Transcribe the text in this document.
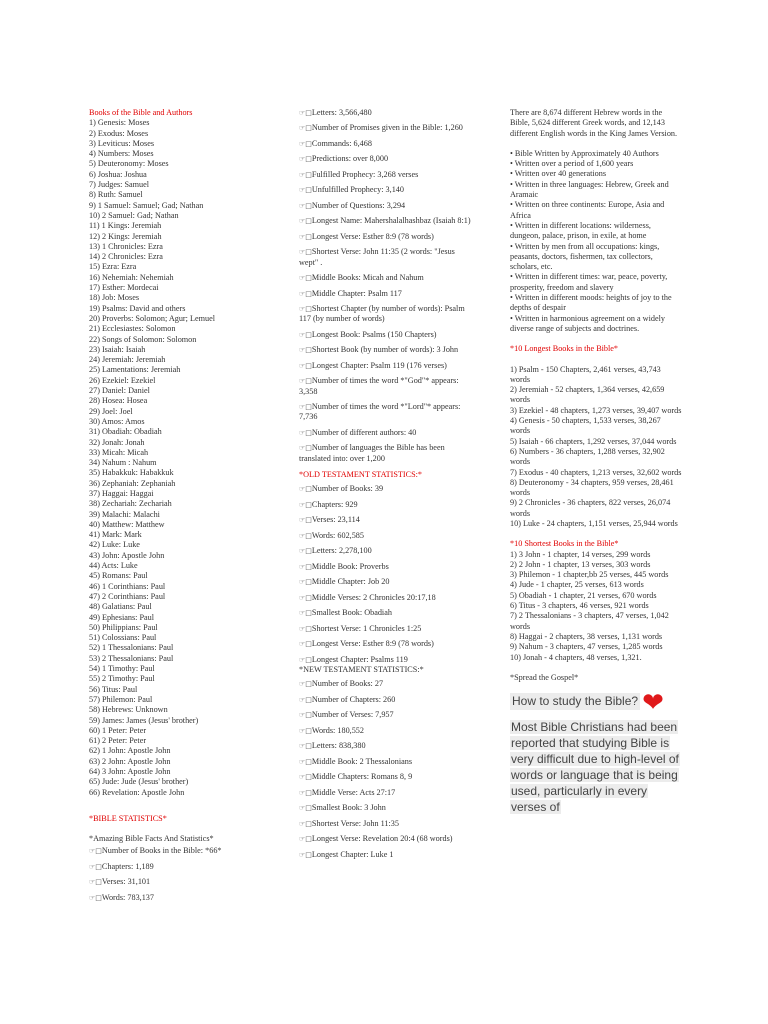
Books of the Bible and Authors
1) Genesis: Moses
2) Exodus: Moses
3) Leviticus: Moses
4) Numbers: Moses
5) Deuteronomy: Moses
6) Joshua: Joshua
7) Judges: Samuel
8) Ruth: Samuel
9) 1 Samuel: Samuel; Gad; Nathan
10) 2 Samuel: Gad; Nathan
11) 1 Kings: Jeremiah
12) 2 Kings: Jeremiah
13) 1 Chronicles: Ezra
14) 2 Chronicles: Ezra
15) Ezra: Ezra
16) Nehemiah: Nehemiah
17) Esther: Mordecai
18) Job: Moses
19) Psalms: David and others
20) Proverbs: Solomon; Agur; Lemuel
21) Ecclesiastes: Solomon
22) Songs of Solomon: Solomon
23) Isaiah: Isaiah
24) Jeremiah: Jeremiah
25) Lamentations: Jeremiah
26) Ezekiel: Ezekiel
27) Daniel: Daniel
28) Hosea: Hosea
29) Joel: Joel
30) Amos: Amos
31) Obadiah: Obadiah
32) Jonah: Jonah
33) Micah: Micah
34) Nahum : Nahum
35) Habakkuk: Habakkuk
36) Zephaniah: Zephaniah
37) Haggai: Haggai
38) Zechariah: Zechariah
39) Malachi: Malachi
40) Matthew: Matthew
41) Mark: Mark
42) Luke: Luke
43) John: Apostle John
44) Acts: Luke
45) Romans: Paul
46) 1 Corinthians: Paul
47) 2 Corinthians: Paul
48) Galatians: Paul
49) Ephesians: Paul
50) Philippians: Paul
51) Colossians: Paul
52) 1 Thessalonians: Paul
53) 2 Thessalonians: Paul
54) 1 Timothy: Paul
55) 2 Timothy: Paul
56) Titus: Paul
57) Philemon: Paul
58) Hebrews: Unknown
59) James: James (Jesus' brother)
60) 1 Peter: Peter
61) 2 Peter: Peter
62) 1 John: Apostle John
63) 2 John: Apostle John
64) 3 John: Apostle John
65) Jude: Jude (Jesus' brother)
66) Revelation: Apostle John
*BIBLE STATISTICS*
*Amazing Bible Facts And Statistics*
☞□Number of Books in the Bible: *66*
☞□Chapters: 1,189
☞□Verses: 31,101
☞□Words: 783,137
☞□Letters: 3,566,480
☞□Number of Promises given in the Bible: 1,260
☞□Commands: 6,468
☞□Predictions: over 8,000
☞□Fulfilled Prophecy: 3,268 verses
☞□Unfulfilled Prophecy: 3,140
☞□Number of Questions: 3,294
☞□Longest Name: Mahershalalhashbaz (Isaiah 8:1)
☞□Longest Verse: Esther 8:9 (78 words)
☞□Shortest Verse: John 11:35 (2 words: "Jesus wept" .
☞□Middle Books: Micah and Nahum
☞□Middle Chapter: Psalm 117
☞□Shortest Chapter (by number of words): Psalm 117 (by number of words)
☞□Longest Book: Psalms (150 Chapters)
☞□Shortest Book (by number of words): 3 John
☞□Longest Chapter: Psalm 119 (176 verses)
☞□Number of times the word *"God"* appears: 3,358
☞□Number of times the word *"Lord"* appears: 7,736
☞□Number of different authors: 40
☞□Number of languages the Bible has been translated into: over 1,200
*OLD TESTAMENT STATISTICS:*
☞□Number of Books: 39
☞□Chapters: 929
☞□Verses: 23,114
☞□Words: 602,585
☞□Letters: 2,278,100
☞□Middle Book: Proverbs
☞□Middle Chapter: Job 20
☞□Middle Verses: 2 Chronicles 20:17,18
☞□Smallest Book: Obadiah
☞□Shortest Verse: 1 Chronicles 1:25
☞□Longest Verse: Esther 8:9 (78 words)
☞□Longest Chapter: Psalms 119
*NEW TESTAMENT STATISTICS:*
☞□Number of Books: 27
☞□Number of Chapters: 260
☞□Number of Verses: 7,957
☞□Words: 180,552
☞□Letters: 838,380
☞□Middle Book: 2 Thessalonians
☞□Middle Chapters: Romans 8, 9
☞□Middle Verse: Acts 27:17
☞□Smallest Book: 3 John
☞□Shortest Verse: John 11:35
☞□Longest Verse: Revelation 20:4 (68 words)
☞□Longest Chapter: Luke 1
There are 8,674 different Hebrew words in the Bible, 5,624 different Greek words, and 12,143 different English words in the King James Version.
• Bible Written by Approximately 40 Authors
• Written over a period of 1,600 years
• Written over 40 generations
• Written in three languages: Hebrew, Greek and Aramaic
• Written on three continents: Europe, Asia and Africa
• Written in different locations: wilderness, dungeon, palace, prison, in exile, at home
• Written by men from all occupations: kings, peasants, doctors, fishermen, tax collectors, scholars, etc.
• Written in different times: war, peace, poverty, prosperity, freedom and slavery
• Written in different moods: heights of joy to the depths of despair
• Written in harmonious agreement on a widely diverse range of subjects and doctrines.
*10 Longest Books in the Bible*
1) Psalm - 150 Chapters, 2,461 verses, 43,743 words
2) Jeremiah - 52 chapters, 1,364 verses, 42,659 words
3) Ezekiel - 48 chapters, 1,273 verses, 39,407 words
4) Genesis - 50 chapters, 1,533 verses, 38,267 words
5) Isaiah - 66 chapters, 1,292 verses, 37,044 words
6) Numbers - 36 chapters, 1,288 verses, 32,902 words
7) Exodus - 40 chapters, 1,213 verses, 32,602 words
8) Deuteronomy - 34 chapters, 959 verses, 28,461 words
9) 2 Chronicles - 36 chapters, 822 verses, 26,074 words
10) Luke - 24 chapters, 1,151 verses, 25,944 words
*10 Shortest Books in the Bible*
1) 3 John - 1 chapter, 14 verses, 299 words
2) 2 John - 1 chapter, 13 verses, 303 words
3) Philemon - 1 chapter,bb 25 verses, 445 words
4) Jude - 1 chapter, 25 verses, 613 words
5) Obadiah - 1 chapter, 21 verses, 670 words
6) Titus - 3 chapters, 46 verses, 921 words
7) 2 Thessalonians - 3 chapters, 47 verses, 1,042 words
8) Haggai - 2 chapters, 38 verses, 1,131 words
9) Nahum - 3 chapters, 47 verses, 1,285 words
10) Jonah - 4 chapters, 48 verses, 1,321.
*Spread the Gospel*
How to study the Bible? ❤
Most Bible Christians had been reported that studying Bible is very difficult due to high-level of words or language that is being used, particularly in every verses of
